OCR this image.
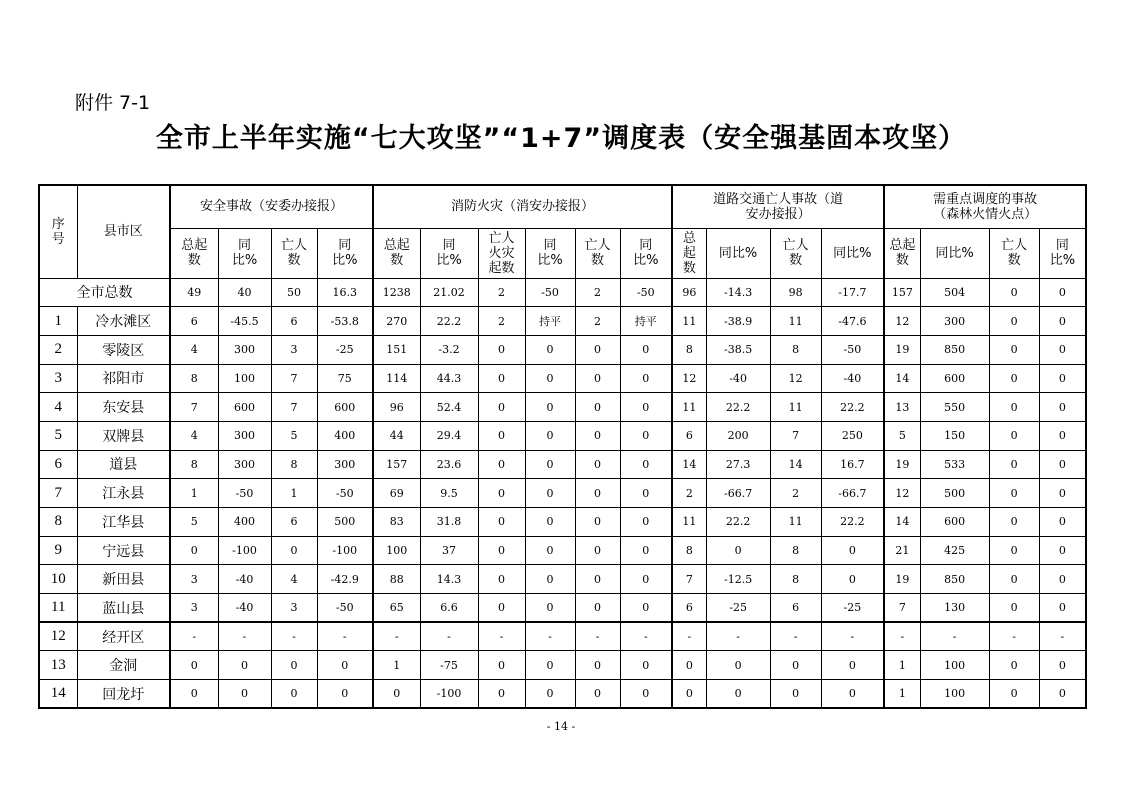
附件 7-1
全市上半年实施“七大攻坚”“1+7”调度表（安全强基固本攻坚）
序号	县市区	安全事故（安委办接报）				消防火灾（消安办接报）						道路交通亡人事故（道安办接报）				需重点调度的事故（森林火情火点）			
		总起数	同比%	亡人数	同比%	总起数	同比%	亡人火灾起数	同比%	亡人数	同比%	总起数	同比%	亡人数	同比%	总起数	同比%	亡人数	同比%
全市总数		49	40	50	16.3	1238	21.02	2	-50	2	-50	96	-14.3	98	-17.7	157	504	0	0
1	冷水滩区	6	-45.5	6	-53.8	270	22.2	2	持平	2	持平	11	-38.9	11	-47.6	12	300	0	0
2	零陵区	4	300	3	-25	151	-3.2	0	0	0	0	8	-38.5	8	-50	19	850	0	0
3	祁阳市	8	100	7	75	114	44.3	0	0	0	0	12	-40	12	-40	14	600	0	0
4	东安县	7	600	7	600	96	52.4	0	0	0	0	11	22.2	11	22.2	13	550	0	0
5	双牌县	4	300	5	400	44	29.4	0	0	0	0	6	200	7	250	5	150	0	0
6	道县	8	300	8	300	157	23.6	0	0	0	0	14	27.3	14	16.7	19	533	0	0
7	江永县	1	-50	1	-50	69	9.5	0	0	0	0	2	-66.7	2	-66.7	12	500	0	0
8	江华县	5	400	6	500	83	31.8	0	0	0	0	11	22.2	11	22.2	14	600	0	0
9	宁远县	0	-100	0	-100	100	37	0	0	0	0	8	0	8	0	21	425	0	0
10	新田县	3	-40	4	-42.9	88	14.3	0	0	0	0	7	-12.5	8	0	19	850	0	0
11	蓝山县	3	-40	3	-50	65	6.6	0	0	0	0	6	-25	6	-25	7	130	0	0
12	经开区	-	-	-	-	-	-	-	-	-	-	-	-	-	-	-	-	-	-
13	金洞	0	0	0	0	1	-75	0	0	0	0	0	0	0	0	1	100	0	0
14	回龙圩	0	0	0	0	0	-100	0	0	0	0	0	0	0	0	1	100	0	0
- 14 -
